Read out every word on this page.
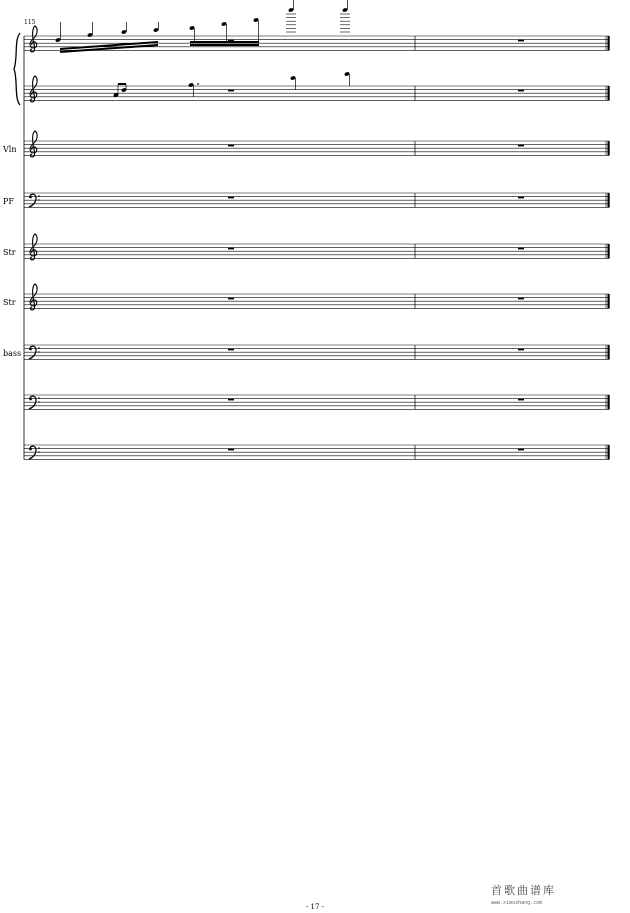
115
Vln
PF
Str
Str
bass
- 17 -
首歌曲谱库
www.ximushang.com
